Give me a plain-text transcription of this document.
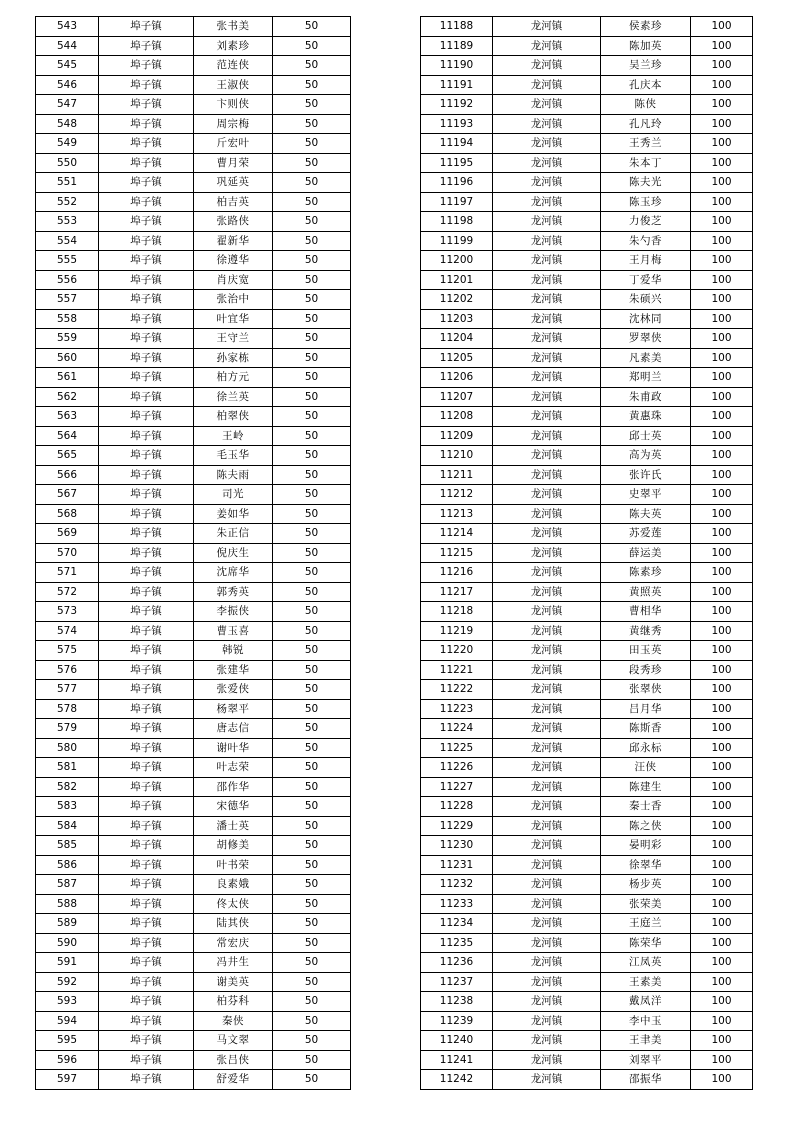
543	埠子镇	张书美	50
544	埠子镇	刘素珍	50
545	埠子镇	范连侠	50
546	埠子镇	王淑侠	50
547	埠子镇	卞则侠	50
548	埠子镇	周宗梅	50
549	埠子镇	斤宏叶	50
550	埠子镇	曹月荣	50
551	埠子镇	巩延英	50
552	埠子镇	柏吉英	50
553	埠子镇	张路侠	50
554	埠子镇	翟新华	50
555	埠子镇	徐遵华	50
556	埠子镇	肖庆宽	50
557	埠子镇	张治中	50
558	埠子镇	叶宜华	50
559	埠子镇	王守兰	50
560	埠子镇	孙家栋	50
561	埠子镇	柏方元	50
562	埠子镇	徐兰英	50
563	埠子镇	柏翠侠	50
564	埠子镇	王岭	50
565	埠子镇	毛玉华	50
566	埠子镇	陈夫雨	50
567	埠子镇	司光	50
568	埠子镇	姜如华	50
569	埠子镇	朱正信	50
570	埠子镇	倪庆生	50
571	埠子镇	沈席华	50
572	埠子镇	郭秀英	50
573	埠子镇	李振侠	50
574	埠子镇	曹玉喜	50
575	埠子镇	韩锐	50
576	埠子镇	张建华	50
577	埠子镇	张爱侠	50
578	埠子镇	杨翠平	50
579	埠子镇	唐志信	50
580	埠子镇	谢叶华	50
581	埠子镇	叶志荣	50
582	埠子镇	邵作华	50
583	埠子镇	宋德华	50
584	埠子镇	潘士英	50
585	埠子镇	胡修美	50
586	埠子镇	叶书荣	50
587	埠子镇	良素娥	50
588	埠子镇	佟太侠	50
589	埠子镇	陆其侠	50
590	埠子镇	常宏庆	50
591	埠子镇	冯井生	50
592	埠子镇	谢美英	50
593	埠子镇	柏芬科	50
594	埠子镇	秦侠	50
595	埠子镇	马文翠	50
596	埠子镇	张吕侠	50
597	埠子镇	舒爱华	50
11188	龙河镇	侯素珍	100
11189	龙河镇	陈加英	100
11190	龙河镇	吴兰珍	100
11191	龙河镇	孔庆本	100
11192	龙河镇	陈侠	100
11193	龙河镇	孔凡玲	100
11194	龙河镇	王秀兰	100
11195	龙河镇	朱本丁	100
11196	龙河镇	陈夫光	100
11197	龙河镇	陈玉珍	100
11198	龙河镇	力俊芝	100
11199	龙河镇	朱勺香	100
11200	龙河镇	王月梅	100
11201	龙河镇	丁爱华	100
11202	龙河镇	朱硕兴	100
11203	龙河镇	沈林同	100
11204	龙河镇	罗翠侠	100
11205	龙河镇	凡素美	100
11206	龙河镇	郑明兰	100
11207	龙河镇	朱甫政	100
11208	龙河镇	黄惠珠	100
11209	龙河镇	邱士英	100
11210	龙河镇	高为英	100
11211	龙河镇	张许氏	100
11212	龙河镇	史翠平	100
11213	龙河镇	陈夫英	100
11214	龙河镇	苏爱莲	100
11215	龙河镇	薛运美	100
11216	龙河镇	陈素珍	100
11217	龙河镇	黄照英	100
11218	龙河镇	曹相华	100
11219	龙河镇	黄继秀	100
11220	龙河镇	田玉英	100
11221	龙河镇	段秀珍	100
11222	龙河镇	张翠侠	100
11223	龙河镇	吕月华	100
11224	龙河镇	陈斯香	100
11225	龙河镇	邱永标	100
11226	龙河镇	汪侠	100
11227	龙河镇	陈建生	100
11228	龙河镇	秦士香	100
11229	龙河镇	陈之侠	100
11230	龙河镇	晏明彩	100
11231	龙河镇	徐翠华	100
11232	龙河镇	杨步英	100
11233	龙河镇	张荣美	100
11234	龙河镇	王庭兰	100
11235	龙河镇	陈荣华	100
11236	龙河镇	江凤英	100
11237	龙河镇	王素美	100
11238	龙河镇	戴凤洋	100
11239	龙河镇	李中玉	100
11240	龙河镇	王聿美	100
11241	龙河镇	刘翠平	100
11242	龙河镇	邵振华	100
